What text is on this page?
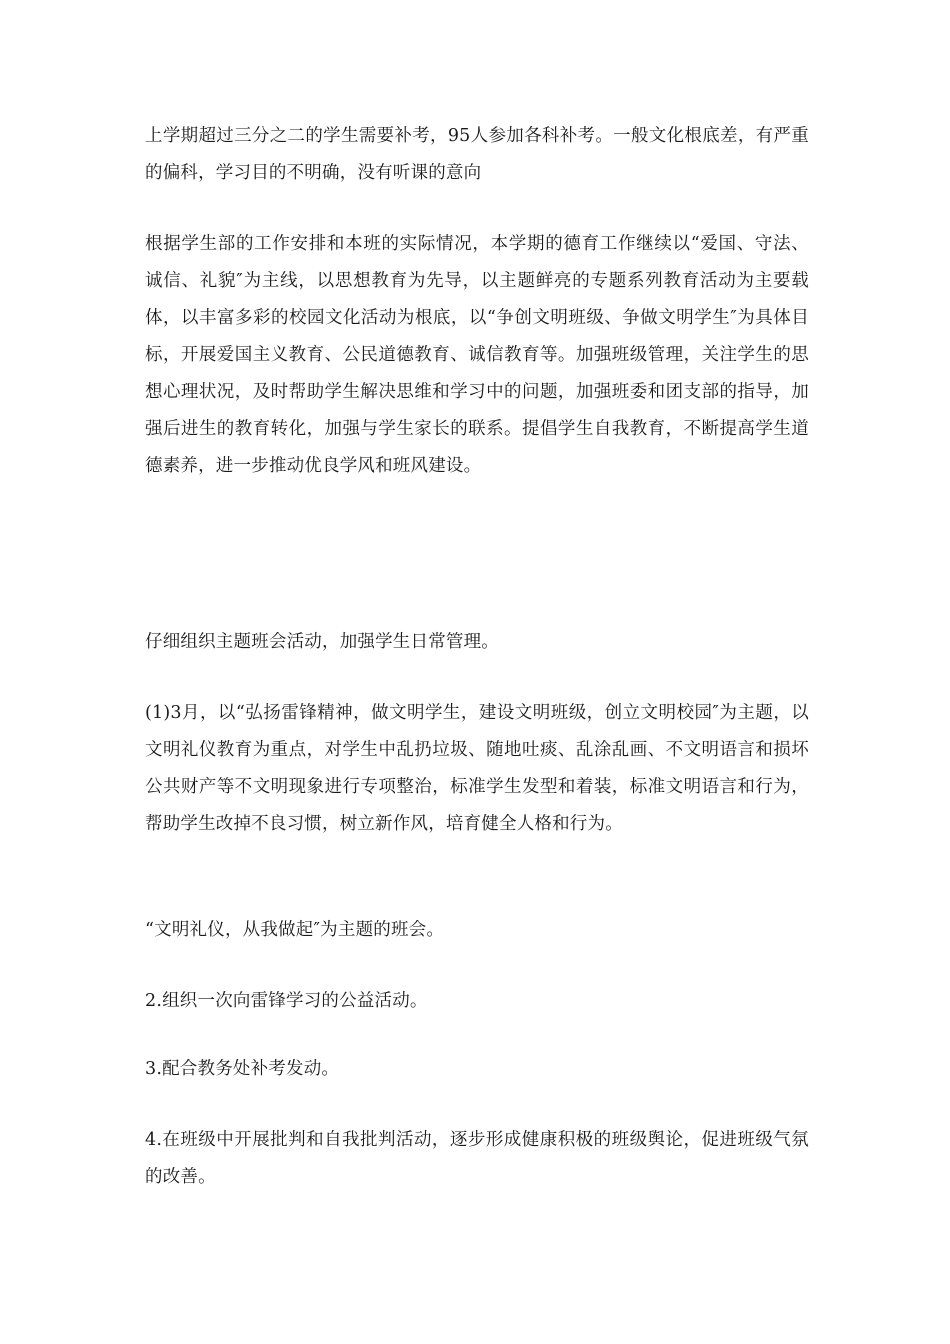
上学期超过三分之二的学生需要补考，95人参加各科补考。一般文化根底差，有严重的偏科，学习目的不明确，没有听课的意向

根据学生部的工作安排和本班的实际情况，本学期的德育工作继续以“爱国、守法、诚信、礼貌″为主线，以思想教育为先导，以主题鲜亮的专题系列教育活动为主要载体，以丰富多彩的校园文化活动为根底，以“争创文明班级、争做文明学生″为具体目标，开展爱国主义教育、公民道德教育、诚信教育等。加强班级管理，关注学生的思想心理状况，及时帮助学生解决思维和学习中的问题，加强班委和团支部的指导，加强后进生的教育转化，加强与学生家长的联系。提倡学生自我教育，不断提高学生道德素养，进一步推动优良学风和班风建设。

仔细组织主题班会活动，加强学生日常管理。

(1)3月，以“弘扬雷锋精神，做文明学生，建设文明班级，创立文明校园″为主题，以文明礼仪教育为重点，对学生中乱扔垃圾、随地吐痰、乱涂乱画、不文明语言和损坏公共财产等不文明现象进行专项整治，标准学生发型和着装，标准文明语言和行为，帮助学生改掉不良习惯，树立新作风，培育健全人格和行为。

“文明礼仪，从我做起″为主题的班会。

2.组织一次向雷锋学习的公益活动。

3.配合教务处补考发动。

4.在班级中开展批判和自我批判活动，逐步形成健康积极的班级舆论，促进班级气氛的改善。
